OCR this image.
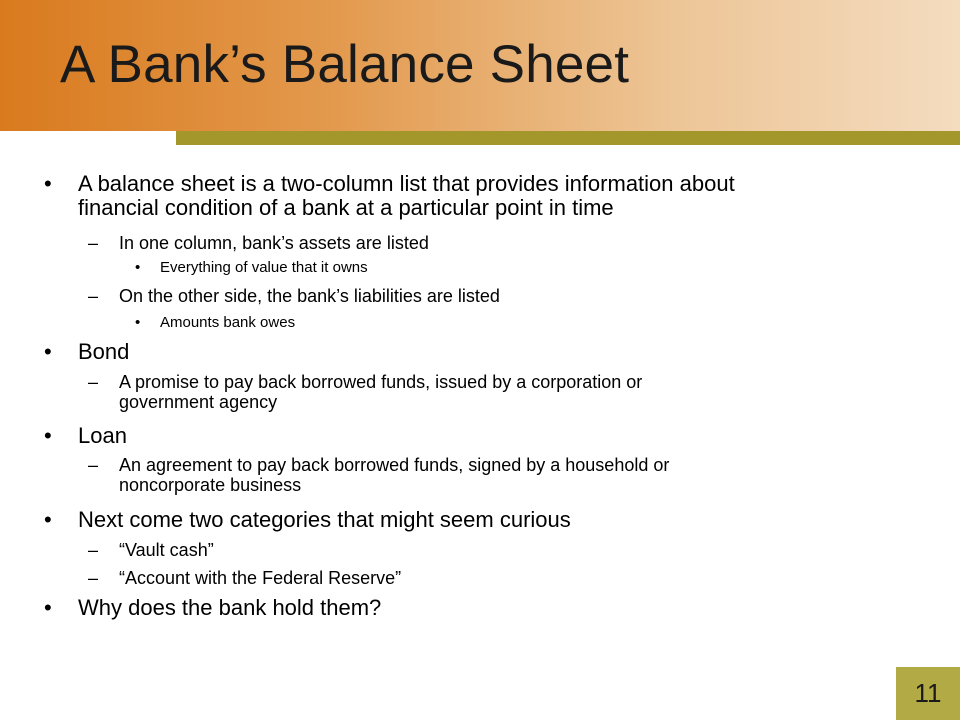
A Bank’s Balance Sheet
• A balance sheet is a two-column list that provides information about
financial condition of a bank at a particular point in time
– In one column, bank’s assets are listed
• Everything of value that it owns
– On the other side, the bank’s liabilities are listed
• Amounts bank owes
• Bond
– A promise to pay back borrowed funds, issued by a corporation or
government agency
• Loan
– An agreement to pay back borrowed funds, signed by a household or
noncorporate business
• Next come two categories that might seem curious
– “Vault cash”
– “Account with the Federal Reserve”
• Why does the bank hold them?
11
